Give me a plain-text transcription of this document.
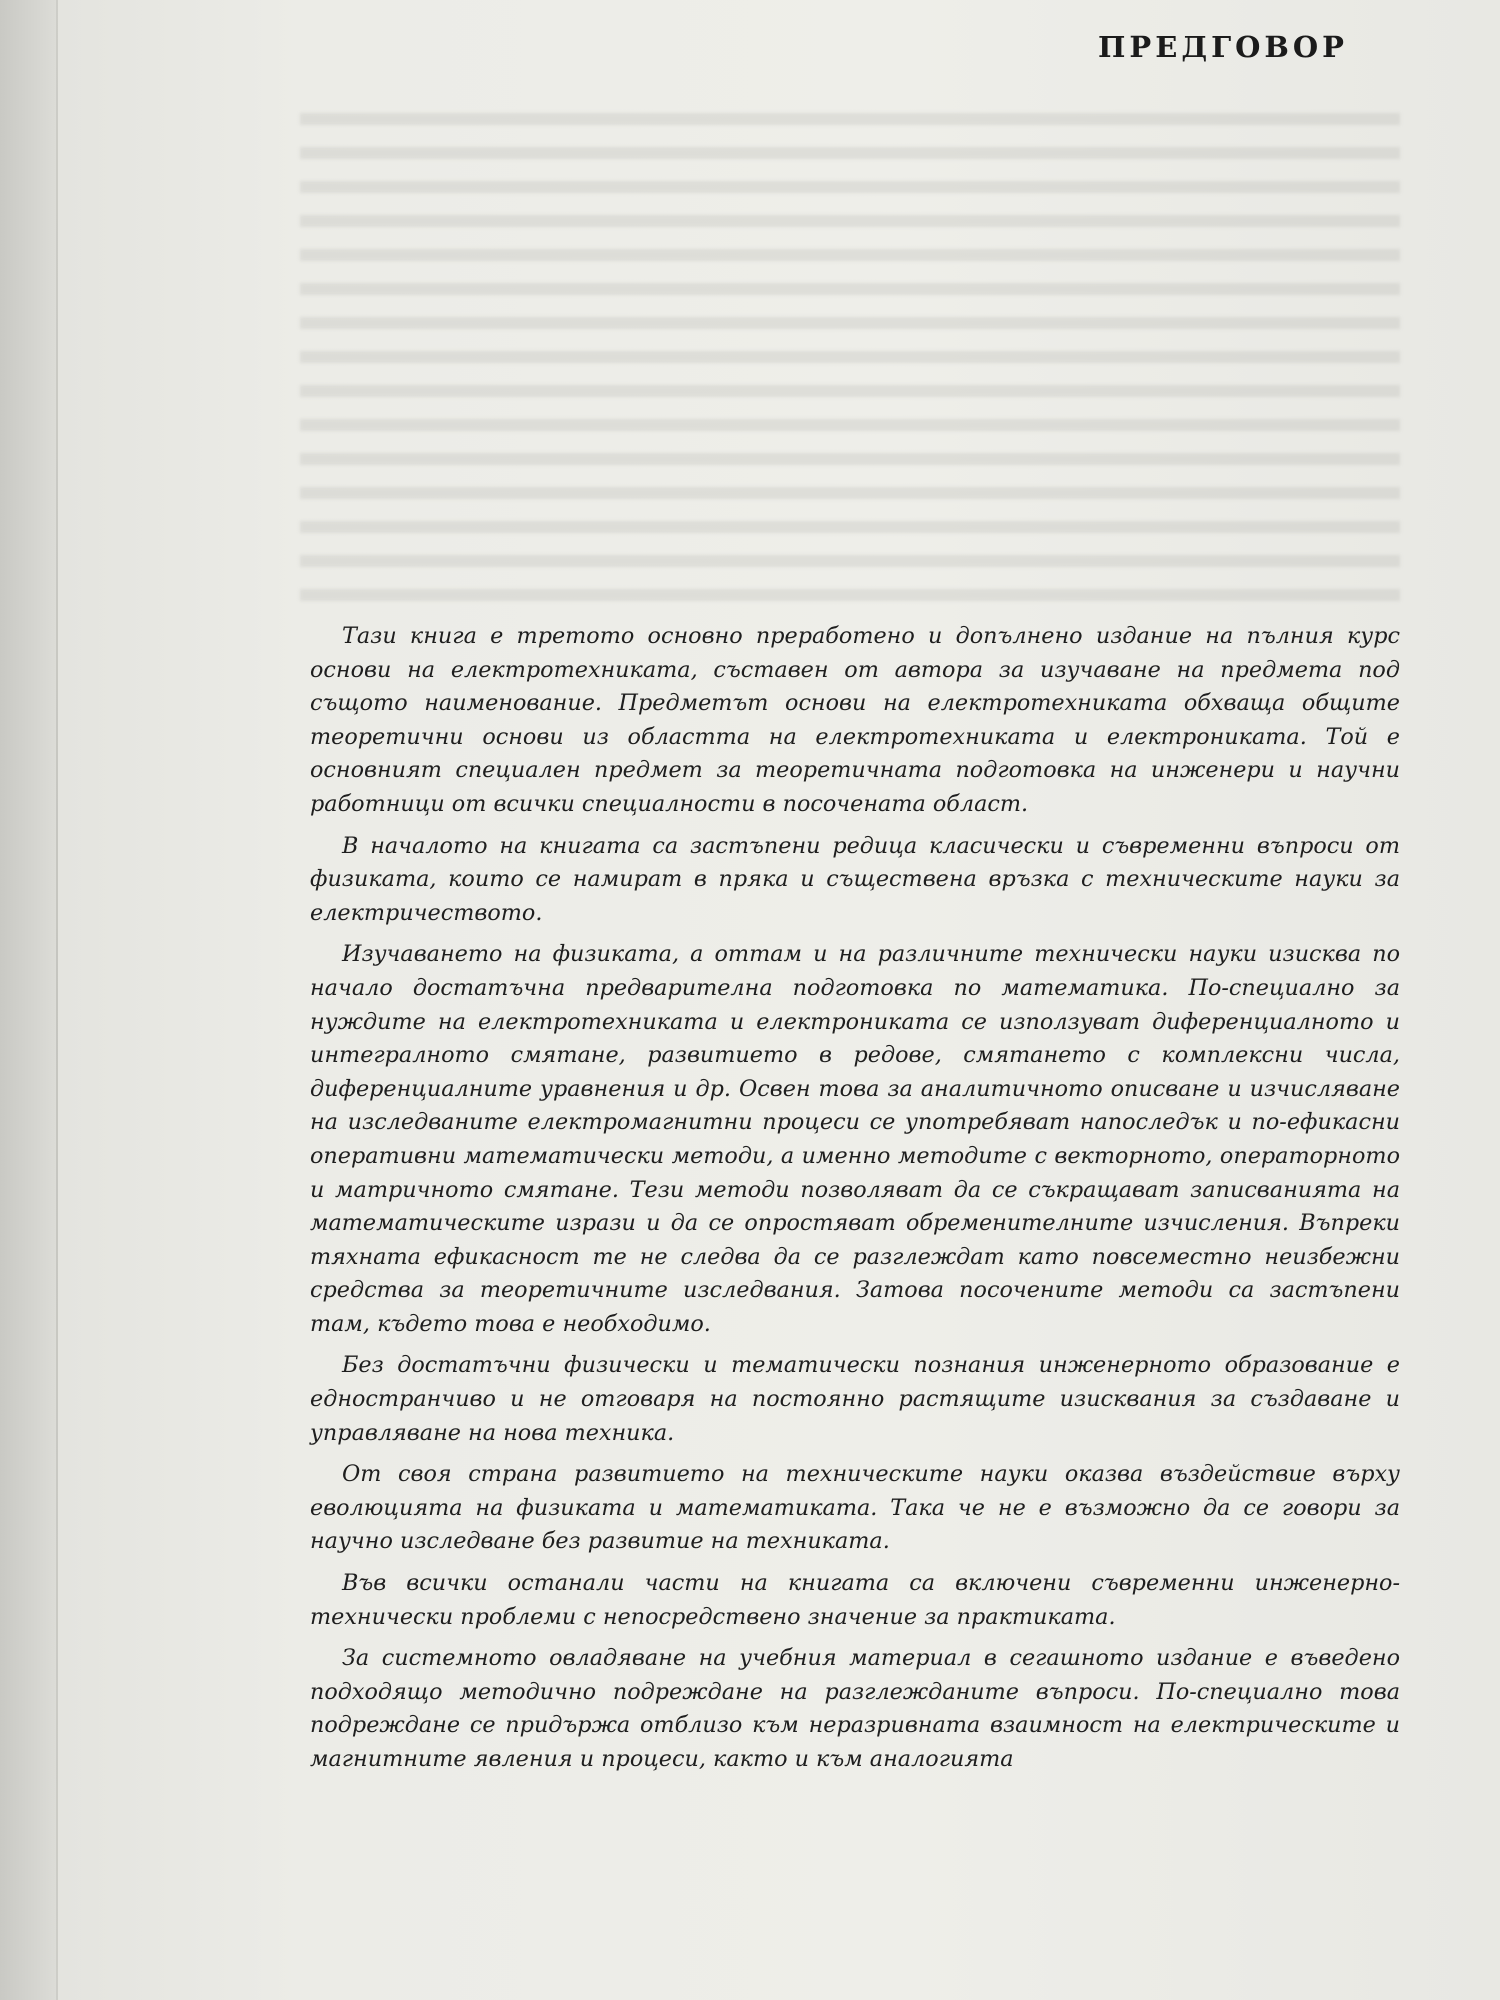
ПРЕДГОВОР

Тази книга е третото основно преработено и допълнено издание на пълния курс основи на електротехниката, съставен от автора за изучаване на предмета под същото наименование. Предметът основи на електротехниката обхваща общите теоретични основи из областта на електротехниката и електрониката. Той е основният специален предмет за теоретичната подготовка на инженери и научни работници от всички специалности в посочената област.

В началото на книгата са застъпени редица класически и съвременни въпроси от физиката, които се намират в пряка и съществена връзка с техническите науки за електричеството.

Изучаването на физиката, а оттам и на различните технически науки изисква по начало достатъчна предварителна подготовка по математика. По-специално за нуждите на електротехниката и електрониката се използуват диференциалното и интегралното смятане, развитието в редове, смятането с комплексни числа, диференциалните уравнения и др. Освен това за аналитичното описване и изчисляване на изследваните електромагнитни процеси се употребяват напоследък и по-ефикасни оперативни математически методи, а именно методите с векторното, операторното и матричното смятане. Тези методи позволяват да се съкращават записванията на математическите изрази и да се опростяват обременителните изчисления. Въпреки тяхната ефикасност те не следва да се разглеждат като повсеместно неизбежни средства за теоретичните изследвания. Затова посочените методи са застъпени там, където това е необходимо.

Без достатъчни физически и тематически познания инженерното образование е едностранчиво и не отговаря на постоянно растящите изисквания за създаване и управляване на нова техника.

От своя страна развитието на техническите науки оказва въздействие върху еволюцията на физиката и математиката. Така че не е възможно да се говори за научно изследване без развитие на техниката.

Във всички останали части на книгата са включени съвременни инженерно-технически проблеми с непосредствено значение за практиката.

За системното овладяване на учебния материал в сегашното издание е въведено подходящо методично подреждане на разглежданите въпроси. По-специално това подреждане се придържа отблизо към неразривната взаимност на електрическите и магнитните явления и процеси, както и към аналогията
